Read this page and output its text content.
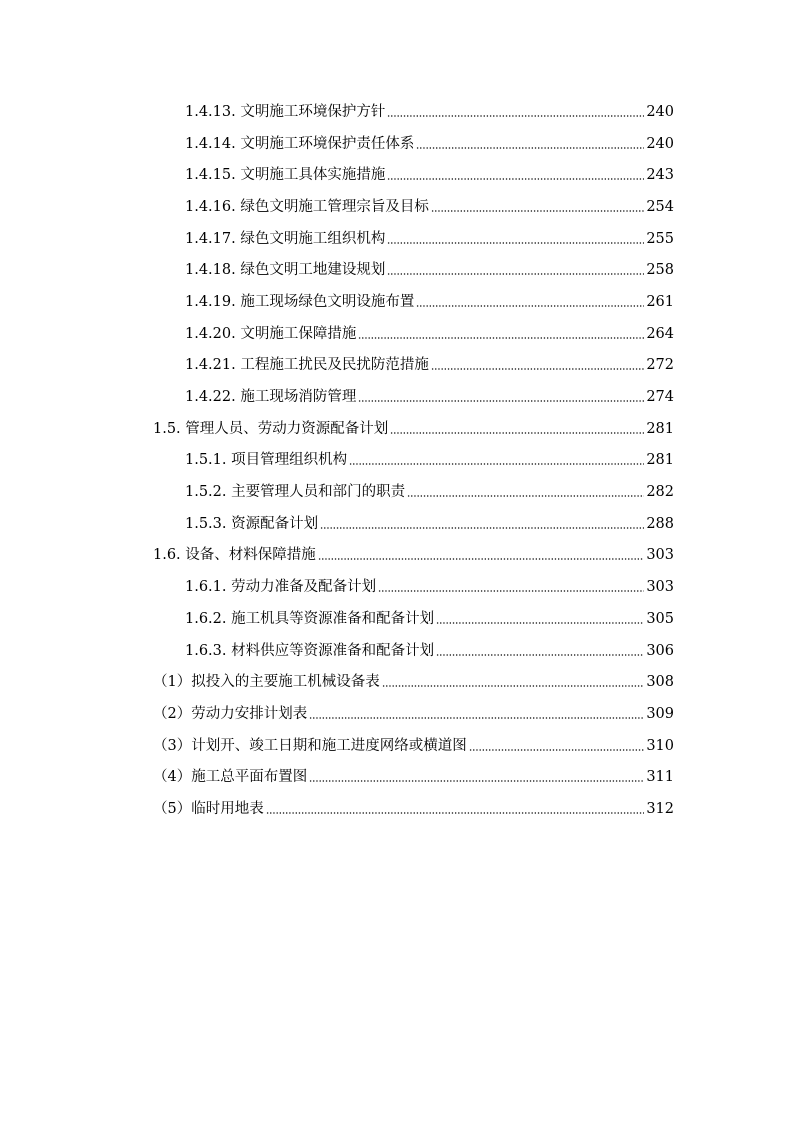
1.4.13. 文明施工环境保护方针	240
1.4.14. 文明施工环境保护责任体系	240
1.4.15. 文明施工具体实施措施	243
1.4.16. 绿色文明施工管理宗旨及目标	254
1.4.17. 绿色文明施工组织机构	255
1.4.18. 绿色文明工地建设规划	258
1.4.19. 施工现场绿色文明设施布置	261
1.4.20. 文明施工保障措施	264
1.4.21. 工程施工扰民及民扰防范措施	272
1.4.22. 施工现场消防管理	274
1.5. 管理人员、劳动力资源配备计划	281
1.5.1. 项目管理组织机构	281
1.5.2. 主要管理人员和部门的职责	282
1.5.3. 资源配备计划	288
1.6. 设备、材料保障措施	303
1.6.1. 劳动力准备及配备计划	303
1.6.2. 施工机具等资源准备和配备计划	305
1.6.3. 材料供应等资源准备和配备计划	306
（1） 拟投入的主要施工机械设备表	308
（2） 劳动力安排计划表	309
（3） 计划开、竣工日期和施工进度网络或横道图	310
（4） 施工总平面布置图	311
（5） 临时用地表	312
